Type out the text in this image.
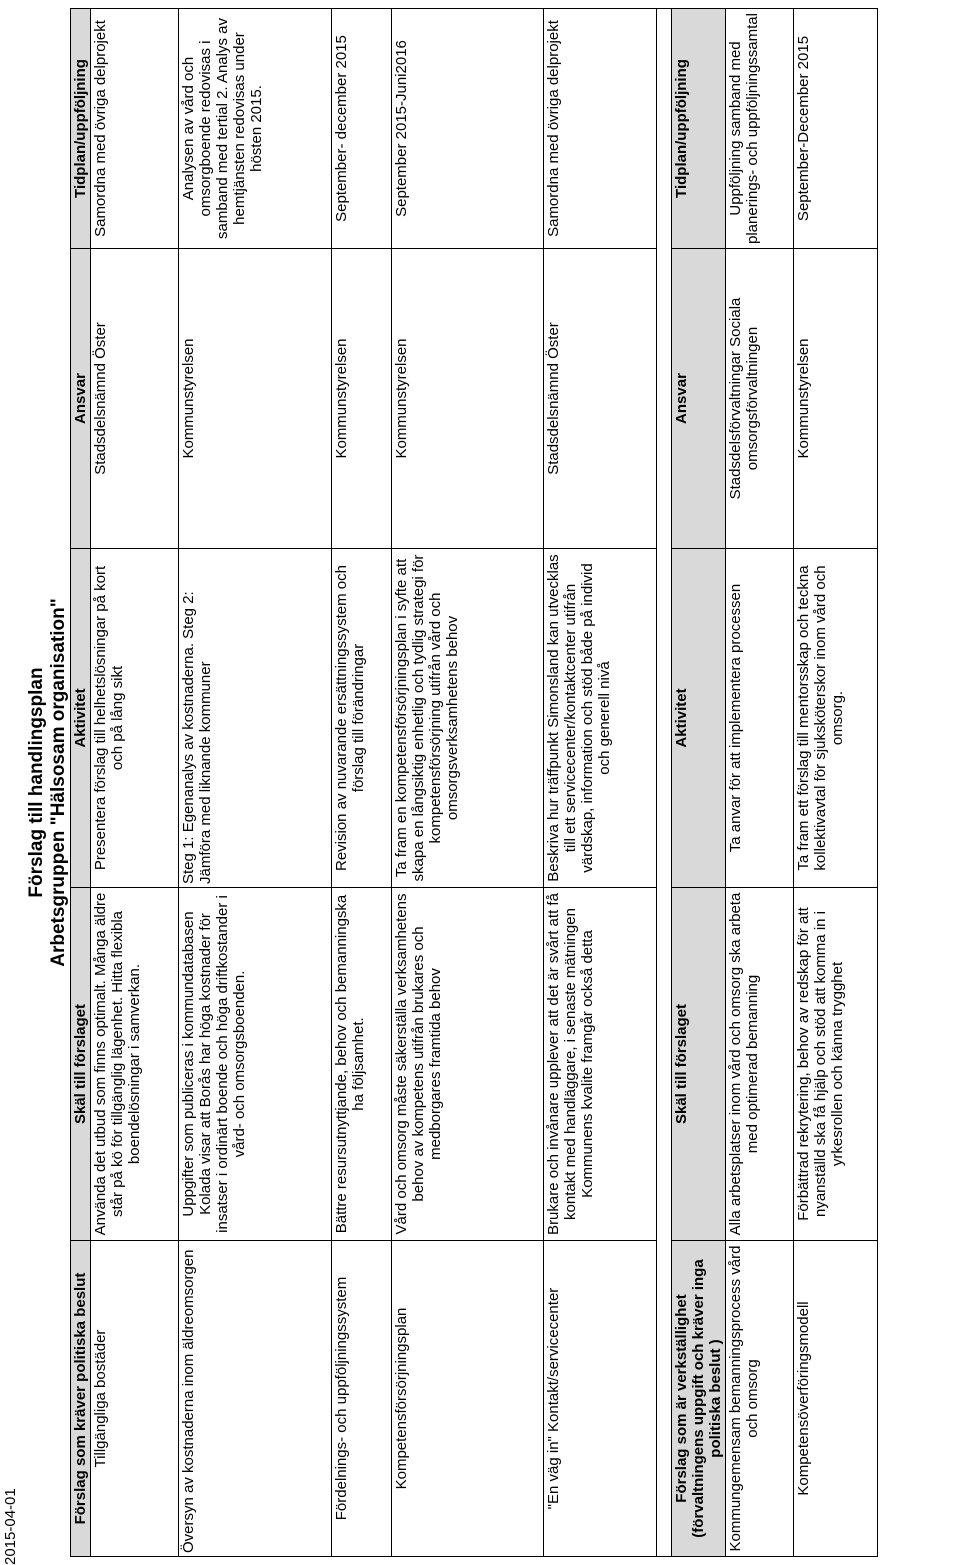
2015-04-01
Förslag till handlingsplan Arbetsgruppen "Hälsosam organisation"
Förslag som kräver politiska beslut	Skäl till förslaget	Aktivitet	Ansvar	Tidplan/uppföljning
Tillgängliga bostäder	Använda det utbud som finns optimalt. Många äldre står på kö för tillgänglig lägenhet. Hitta flexibla boendelösningar i samverkan.	Presentera förslag till helhetslösningar på kort och på lång sikt	Stadsdelsnämnd Öster	Samordna med övriga delprojekt
Översyn av kostnaderna inom äldreomsorgen	Uppgifter som publiceras i kommundatabasen Kolada visar att Borås har höga kostnader för insatser i ordinärt boende och höga driftkostander i vård- och omsorgsboenden.	Steg 1: Egenanalys av kostnaderna. Steg 2: Jämföra med liknande kommuner	Kommunstyrelsen	Analysen av vård och omsorgboende redovisas i samband med tertial 2. Analys av hemtjänsten redovisas under hösten 2015.
Fördelnings- och uppföljningssystem	Bättre resursutnyttjande, behov och bemanningska ha följsamhet.	Revision av nuvarande ersättningssystem och förslag till förändringar	Kommunstyrelsen	September- december 2015
Kompetensförsörjningsplan	Vård och omsorg måste säkerställa verksamhetens behov av kompetens utifrån brukares och medborgares framtida behov	Ta fram en kompetensförsörjningsplan i syfte att skapa en långsiktig enhetlig och tydlig strategi för kompetensförsörjning utifrån vård och omsorgsverksamhetens behov	Kommunstyrelsen	September 2015-Juni2016
"En väg in" Kontakt/servicecenter	Brukare och invånare upplever att det är svårt att få kontakt med handläggare, i senaste mätningen Kommunens kvalite framgår också detta	Beskriva hur träffpunkt Simonsland kan utvecklas till ett servicecenter/kontaktcenter utifrån värdskap, information och stöd både på individ och generell nivå	Stadsdelsnämnd Öster	Samordna med övriga delprojekt

Förslag som är verkställighet (förvaltningens uppgift och kräver inga politiska beslut )	Skäl till förslaget	Aktivitet	Ansvar	Tidplan/uppföljning
Kommungemensam bemanningsprocess vård och omsorg	Alla arbetsplatser inom vård och omsorg ska arbeta med optimerad bemanning	Ta anvar för att implementera processen	Stadsdelsförvaltningar Sociala omsorgsförvaltningen	Uppföljning samband med planerings- och uppföljningssamtal
Kompetensöverföringsmodell	Förbättrad rekrytering, behov av redskap för att nyanställd ska få hjälp och stöd att komma in i yrkesrollen och känna trygghet	Ta fram ett förslag till mentorsskap och teckna kollektivavtal för sjuksköterskor inom vård och omsorg.	Kommunstyrelsen	September-December 2015
